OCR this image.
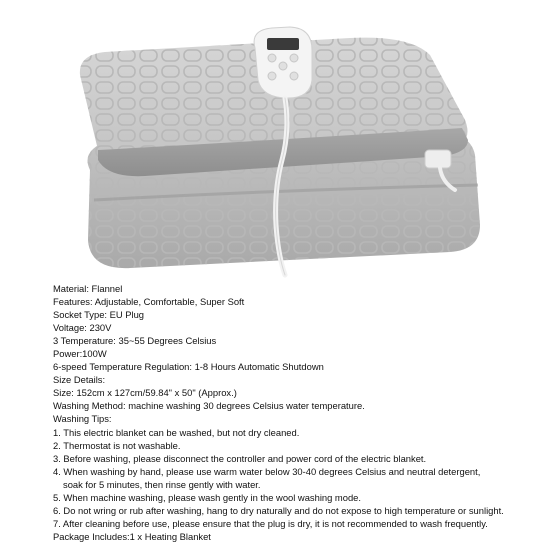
Material: Flannel
Features: Adjustable, Comfortable, Super Soft
Socket Type: EU Plug
Voltage: 230V
3 Temperature: 35~55 Degrees Celsius
Power:100W
6-speed Temperature Regulation: 1-8 Hours Automatic Shutdown
Size Details:
Size: 152cm x 127cm/59.84" x 50" (Approx.)
Washing Method: machine washing 30 degrees Celsius water temperature.
Washing Tips:
1. This electric blanket can be washed, but not dry cleaned.
2. Thermostat is not washable.
3. Before washing, please disconnect the controller and power cord of the electric blanket.
4. When washing by hand, please use warm water below 30-40 degrees Celsius and neutral detergent,
soak for 5 minutes, then rinse gently with water.
5. When machine washing, please wash gently in the wool washing mode.
6. Do not wring or rub after washing, hang to dry naturally and do not expose to high temperature or sunlight.
7. After cleaning before use, please ensure that the plug is dry, it is not recommended to wash frequently.
Package Includes:1 x Heating Blanket
